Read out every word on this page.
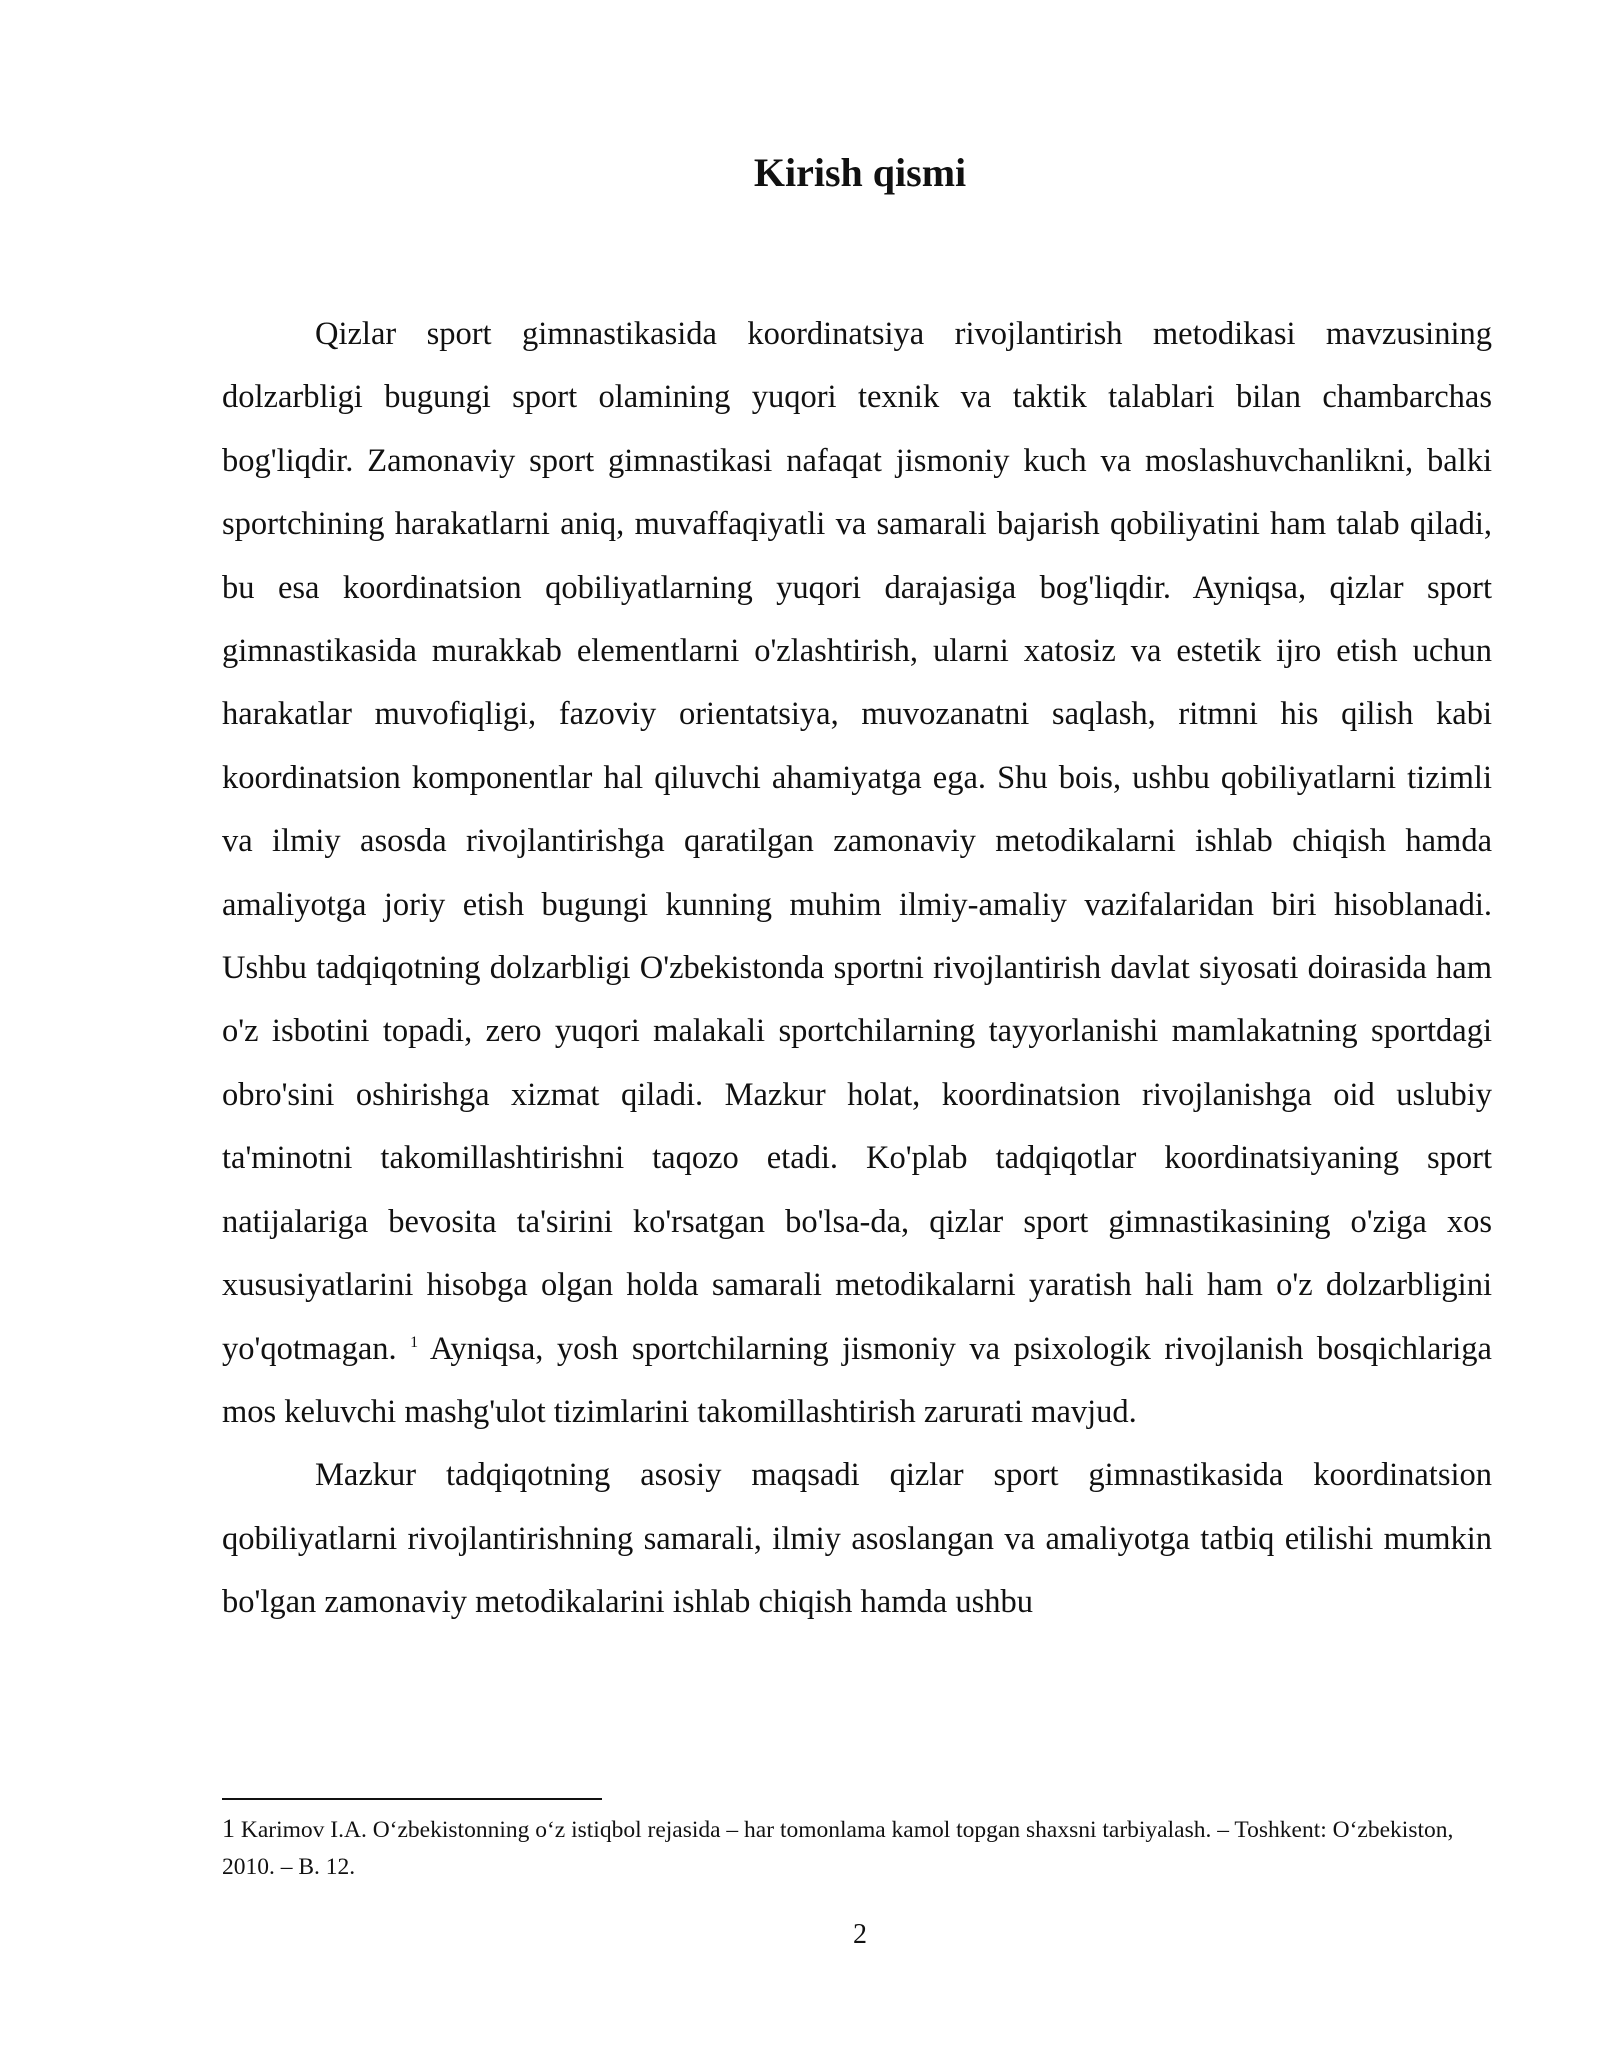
Kirish qismi

Qizlar sport gimnastikasida koordinatsiya rivojlantirish metodikasi mavzusining dolzarbligi bugungi sport olamining yuqori texnik va taktik talablari bilan chambarchas bog'liqdir. Zamonaviy sport gimnastikasi nafaqat jismoniy kuch va moslashuvchanlikni, balki sportchining harakatlarni aniq, muvaffaqiyatli va samarali bajarish qobiliyatini ham talab qiladi, bu esa koordinatsion qobiliyatlarning yuqori darajasiga bog'liqdir. Ayniqsa, qizlar sport gimnastikasida murakkab elementlarni o'zlashtirish, ularni xatosiz va estetik ijro etish uchun harakatlar muvofiqligi, fazoviy orientatsiya, muvozanatni saqlash, ritmni his qilish kabi koordinatsion komponentlar hal qiluvchi ahamiyatga ega. Shu bois, ushbu qobiliyatlarni tizimli va ilmiy asosda rivojlantirishga qaratilgan zamonaviy metodikalarni ishlab chiqish hamda amaliyotga joriy etish bugungi kunning muhim ilmiy-amaliy vazifalaridan biri hisoblanadi. Ushbu tadqiqotning dolzarbligi O'zbekistonda sportni rivojlantirish davlat siyosati doirasida ham o'z isbotini topadi, zero yuqori malakali sportchilarning tayyorlanishi mamlakatning sportdagi obro'sini oshirishga xizmat qiladi. Mazkur holat, koordinatsion rivojlanishga oid uslubiy ta'minotni takomillashtirishni taqozo etadi. Ko'plab tadqiqotlar koordinatsiyaning sport natijalariga bevosita ta'sirini ko'rsatgan bo'lsa-da, qizlar sport gimnastikasining o'ziga xos xususiyatlarini hisobga olgan holda samarali metodikalarni yaratish hali ham o'z dolzarbligini yo'qotmagan. $^1$ Ayniqsa, yosh sportchilarning jismoniy va psixologik rivojlanish bosqichlariga mos keluvchi mashg'ulot tizimlarini takomillashtirish zarurati mavjud.

Mazkur tadqiqotning asosiy maqsadi qizlar sport gimnastikasida koordinatsion qobiliyatlarni rivojlantirishning samarali, ilmiy asoslangan va amaliyotga tatbiq etilishi mumkin bo'lgan zamonaviy metodikalarini ishlab chiqish hamda ushbu

1 Karimov I.A. O‘zbekistonning o‘z istiqbol rejasida – har tomonlama kamol topgan shaxsni tarbiyalash. – Toshkent: O‘zbekiston, 2010. – B. 12.

2
